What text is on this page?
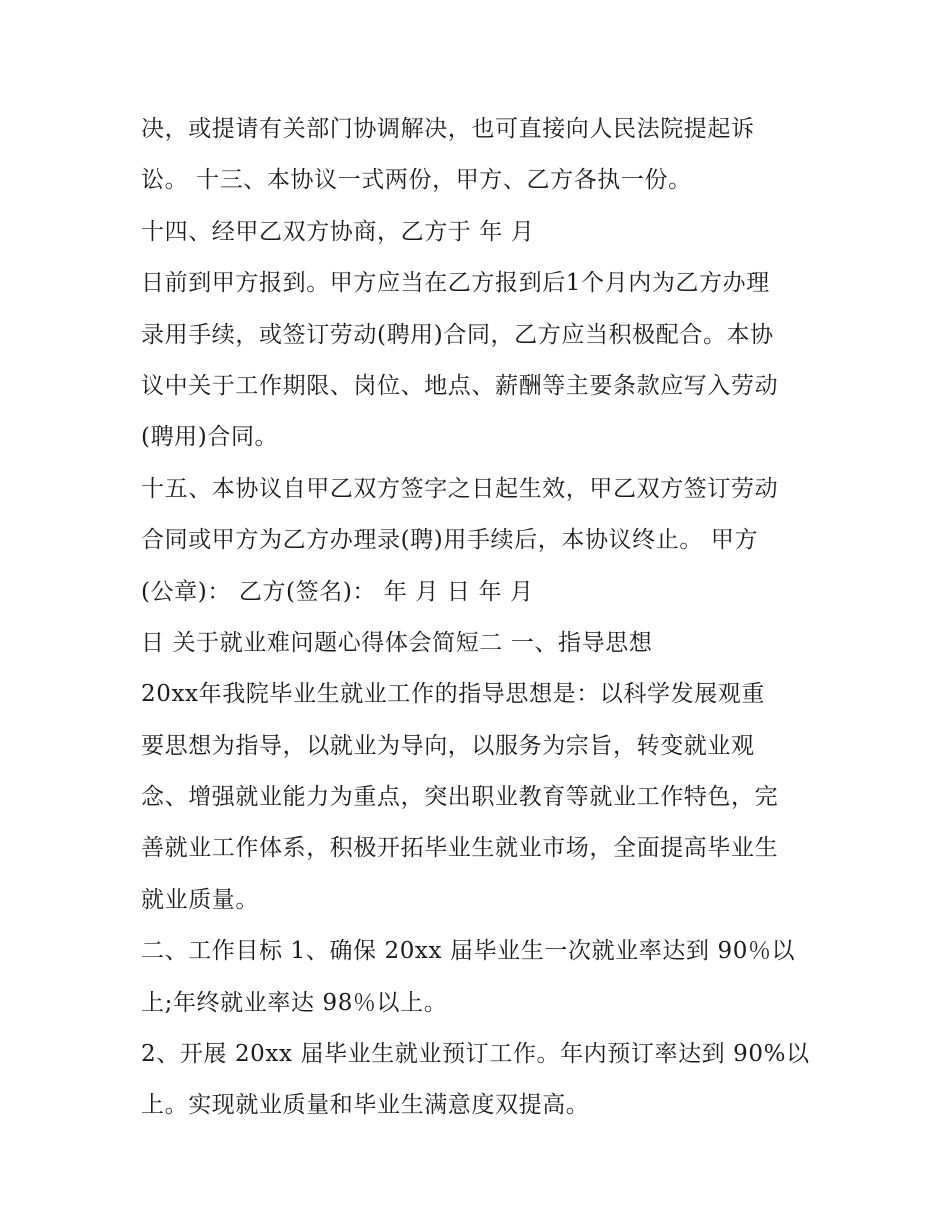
决，或提请有关部门协调解决，也可直接向人民法院提起诉
讼。 十三、本协议一式两份，甲方、乙方各执一份。
十四、经甲乙双方协商，乙方于 年 月
日前到甲方报到。甲方应当在乙方报到后1个月内为乙方办理
录用手续，或签订劳动(聘用)合同，乙方应当积极配合。本协
议中关于工作期限、岗位、地点、薪酬等主要条款应写入劳动
(聘用)合同。
十五、本协议自甲乙双方签字之日起生效，甲乙双方签订劳动
合同或甲方为乙方办理录(聘)用手续后，本协议终止。 甲方
(公章)： 乙方(签名)： 年 月 日 年 月
日 关于就业难问题心得体会简短二 一、指导思想
20xx年我院毕业生就业工作的指导思想是：以科学发展观重
要思想为指导，以就业为导向，以服务为宗旨，转变就业观
念、增强就业能力为重点，突出职业教育等就业工作特色，完
善就业工作体系，积极开拓毕业生就业市场，全面提高毕业生
就业质量。
二、工作目标 1、确保 20xx 届毕业生一次就业率达到 90％以
上;年终就业率达 98％以上。
2、开展 20xx 届毕业生就业预订工作。年内预订率达到 90%以
上。实现就业质量和毕业生满意度双提高。
